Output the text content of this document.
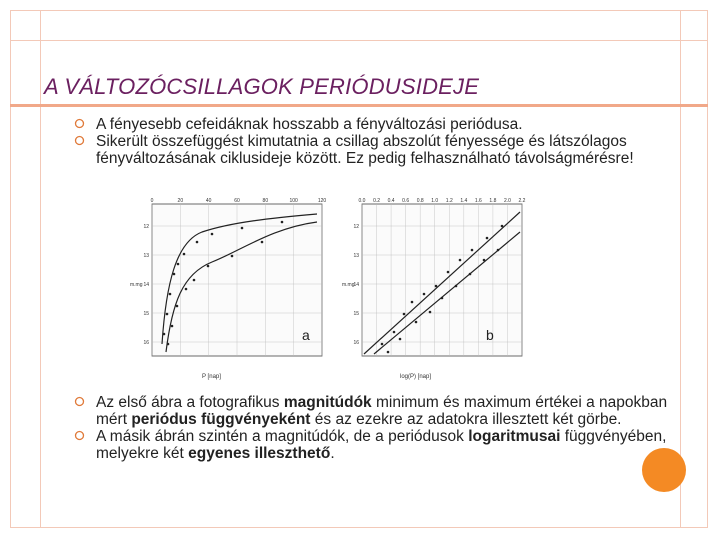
A VÁLTOZÓCSILLAGOK PERIÓDUSIDEJE
A fényesebb cefeidáknak hosszabb a fényváltozási periódusa.
Sikerült összefüggést kimutatnia a csillag abszolút fényessége és látszólagos fényváltozásának ciklusideje között. Ez pedig felhasználható távolságmérésre!
0	20	40	60	80	100	120
12
13
14
15
16
m.mg
a
P [nap]
0.0 0.2 0.4 0.6 0.8 1.0 1.2 1.4 1.6 1.8 2.0 2.2
12
13
14
15
16
m.mg
b
log(P) [nap]
Az első ábra a fotografikus magnitúdók minimum és maximum értékei a napokban mért periódus függvényeként és az ezekre az adatokra illesztett két görbe.
A másik ábrán szintén a magnitúdók, de a periódusok logaritmusai függvényében, melyekre két egyenes illeszthető.
